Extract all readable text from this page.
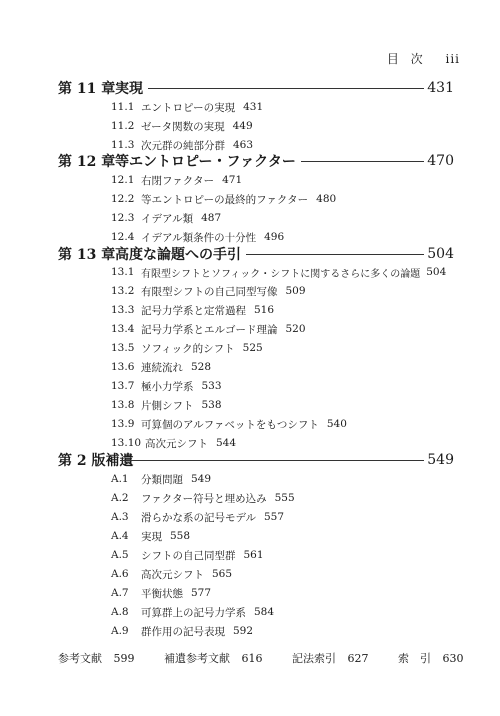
目 次 iii
第 11 章 実現	431
11.1 エントロピーの実現 431
11.2 ゼータ関数の実現 449
11.3 次元群の純部分群 463
第 12 章 等エントロピー・ファクター	470
12.1 右閉ファクター 471
12.2 等エントロピーの最終的ファクター 480
12.3 イデアル類 487
12.4 イデアル類条件の十分性 496
第 13 章 高度な論題への手引	504
13.1 有限型シフトとソフィック・シフトに関するさらに多くの論題 504
13.2 有限型シフトの自己同型写像 509
13.3 記号力学系と定常過程 516
13.4 記号力学系とエルゴード理論 520
13.5 ソフィック的シフト 525
13.6 連続流れ 528
13.7 極小力学系 533
13.8 片側シフト 538
13.9 可算個のアルファベットをもつシフト 540
13.10 高次元シフト 544
第 2 版補遺	549
A.1	分類問題 549
A.2	ファクター符号と埋め込み 555
A.3	滑らかな系の記号モデル 557
A.4	実現 558
A.5	シフトの自己同型群 561
A.6	高次元シフト 565
A.7	平衡状態 577
A.8	可算群上の記号力学系 584
A.9	群作用の記号表現 592
参考文献 599	補遺参考文献 616	記法索引 627	索　引 630
